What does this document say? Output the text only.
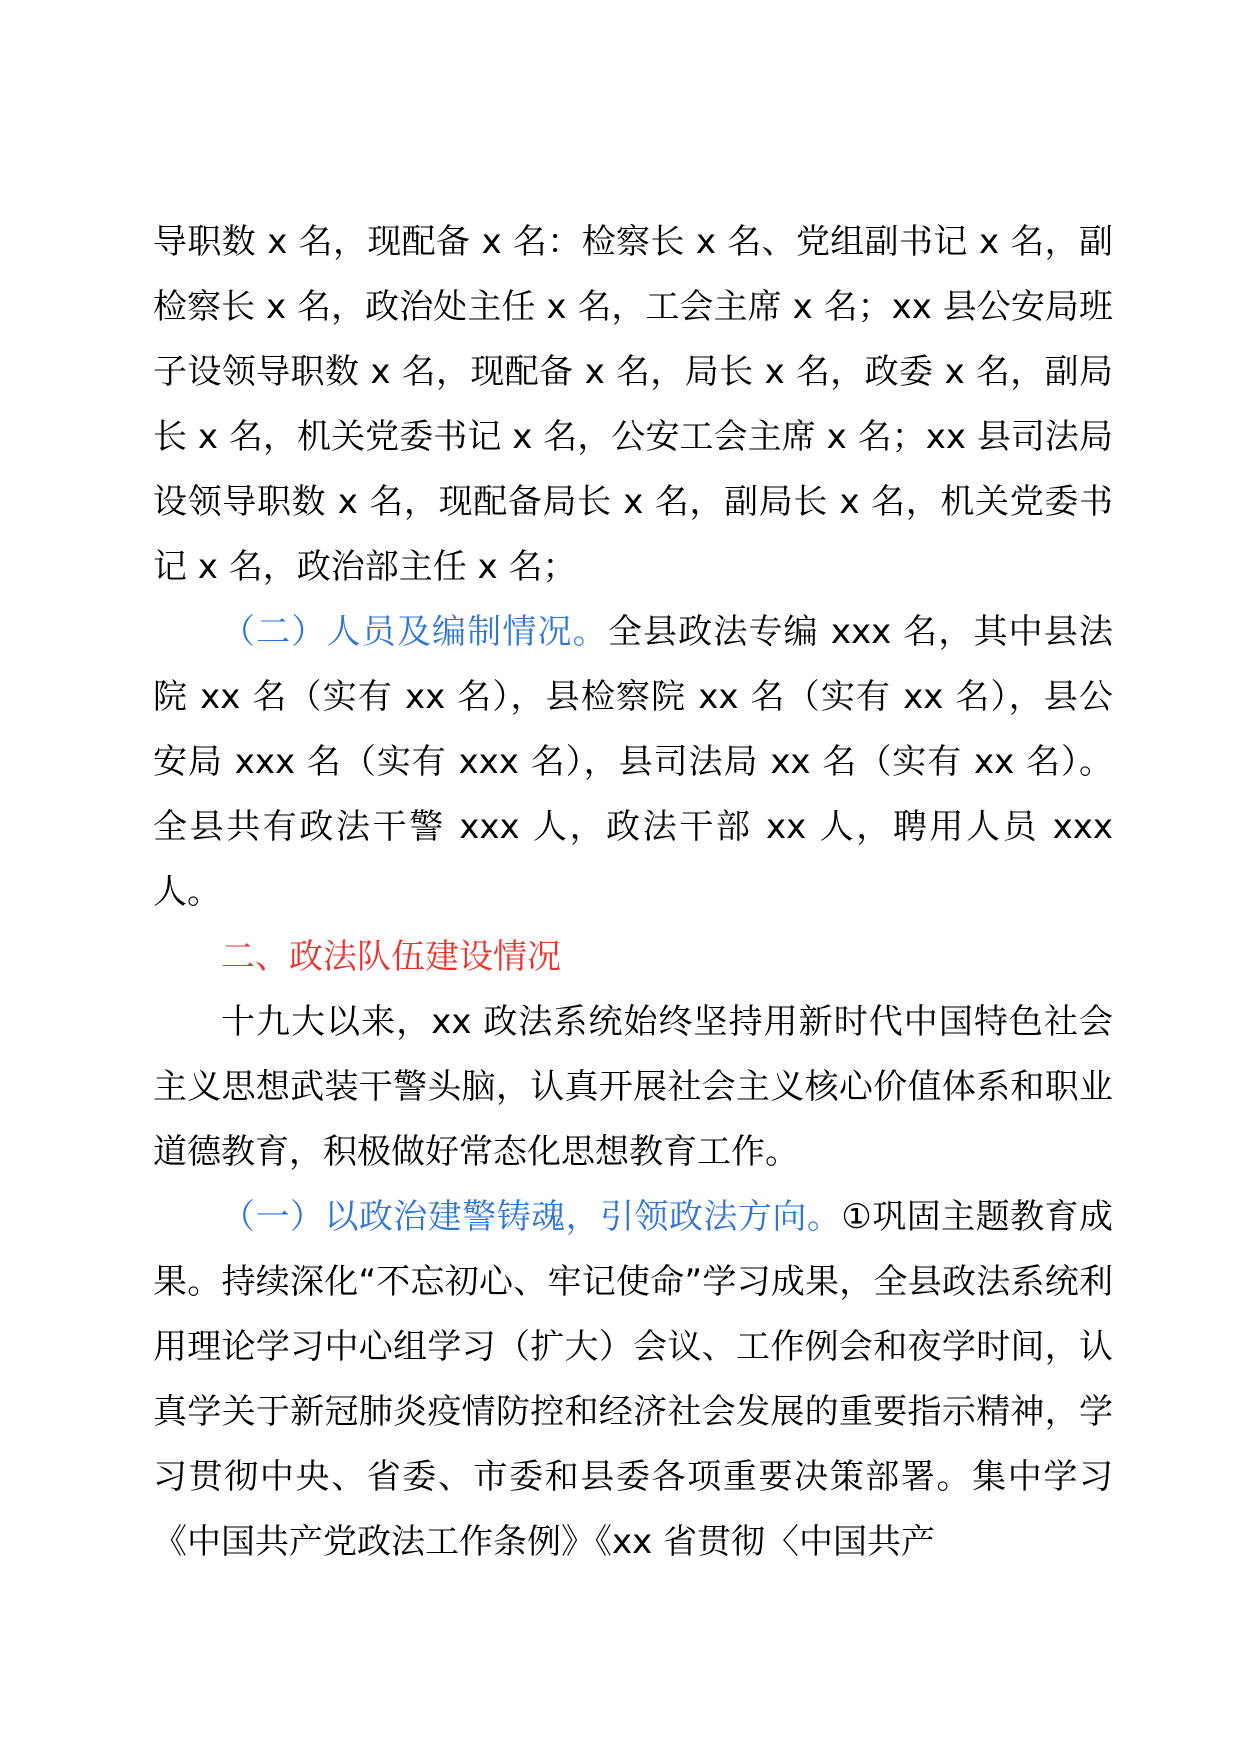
导职数 x 名，现配备 x 名：检察长 x 名、党组副书记 x 名，副检察长 x 名，政治处主任 x 名，工会主席 x 名；xx 县公安局班子设领导职数 x 名，现配备 x 名，局长 x 名，政委 x 名，副局长 x 名，机关党委书记 x 名，公安工会主席 x 名；xx 县司法局设领导职数 x 名，现配备局长 x 名，副局长 x 名，机关党委书记 x 名，政治部主任 x 名；

（二）人员及编制情况。全县政法专编 xxx 名，其中县法院 xx 名（实有 xx 名），县检察院 xx 名（实有 xx 名），县公安局 xxx 名（实有 xxx 名），县司法局 xx 名（实有 xx 名）。全县共有政法干警 xxx 人，政法干部 xx 人，聘用人员 xxx 人。

二、政法队伍建设情况

十九大以来，xx 政法系统始终坚持用新时代中国特色社会主义思想武装干警头脑，认真开展社会主义核心价值体系和职业道德教育，积极做好常态化思想教育工作。

（一）以政治建警铸魂，引领政法方向。①巩固主题教育成果。持续深化“不忘初心、牢记使命”学习成果，全县政法系统利用理论学习中心组学习（扩大）会议、工作例会和夜学时间，认真学关于新冠肺炎疫情防控和经济社会发展的重要指示精神，学习贯彻中央、省委、市委和县委各项重要决策部署。集中学习《中国共产党政法工作条例》《xx 省贯彻〈中国共产
